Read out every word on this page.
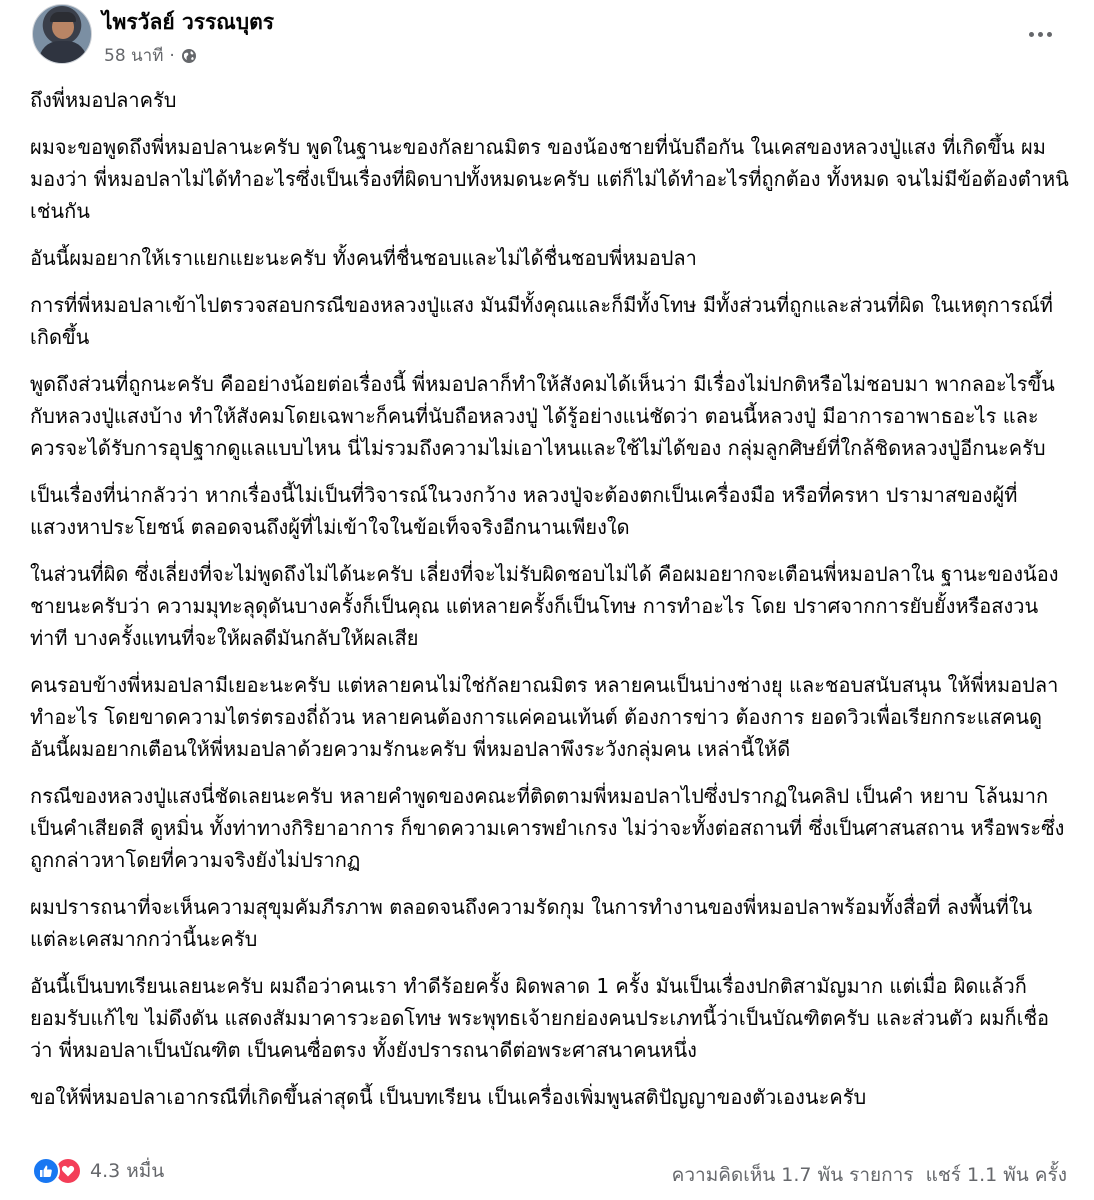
ไพรวัลย์ วรรณบุตร
58 นาที ·

ถึงพี่หมอปลาครับ

ผมจะขอพูดถึงพี่หมอปลานะครับ พูดในฐานะของกัลยาณมิตร ของน้องชายที่นับถือกัน ในเคสของหลวงปู่แสง ที่เกิดขึ้น ผมมองว่า พี่หมอปลาไม่ได้ทำอะไรซึ่งเป็นเรื่องที่ผิดบาปทั้งหมดนะครับ แต่ก็ไม่ได้ทำอะไรที่ถูกต้อง ทั้งหมด จนไม่มีข้อต้องตำหนิเช่นกัน

อันนี้ผมอยากให้เราแยกแยะนะครับ ทั้งคนที่ชื่นชอบและไม่ได้ชื่นชอบพี่หมอปลา

การที่พี่หมอปลาเข้าไปตรวจสอบกรณีของหลวงปู่แสง มันมีทั้งคุณและก็มีทั้งโทษ มีทั้งส่วนที่ถูกและส่วนที่ผิด ในเหตุการณ์ที่เกิดขึ้น

พูดถึงส่วนที่ถูกนะครับ คืออย่างน้อยต่อเรื่องนี้ พี่หมอปลาก็ทำให้สังคมได้เห็นว่า มีเรื่องไม่ปกติหรือไม่ชอบมา พากลอะไรขึ้นกับหลวงปู่แสงบ้าง ทำให้สังคมโดยเฉพาะก็คนที่นับถือหลวงปู่ ได้รู้อย่างแน่ชัดว่า ตอนนี้หลวงปู่ มีอาการอาพาธอะไร และควรจะได้รับการอุปฐากดูแลแบบไหน นี่ไม่รวมถึงความไม่เอาไหนและใช้ไม่ได้ของ กลุ่มลูกศิษย์ที่ใกล้ชิดหลวงปู่อีกนะครับ

เป็นเรื่องที่น่ากลัวว่า หากเรื่องนี้ไม่เป็นที่วิจารณ์ในวงกว้าง หลวงปู่จะต้องตกเป็นเครื่องมือ หรือที่ครหา ปรามาสของผู้ที่แสวงหาประโยชน์ ตลอดจนถึงผู้ที่ไม่เข้าใจในข้อเท็จจริงอีกนานเพียงใด

ในส่วนที่ผิด ซึ่งเลี่ยงที่จะไม่พูดถึงไม่ได้นะครับ เลี่ยงที่จะไม่รับผิดชอบไม่ได้ คือผมอยากจะเตือนพี่หมอปลาใน ฐานะของน้องชายนะครับว่า ความมุทะลุดุดันบางครั้งก็เป็นคุณ แต่หลายครั้งก็เป็นโทษ การทำอะไร โดย ปราศจากการยับยั้งหรือสงวนท่าที บางครั้งแทนที่จะให้ผลดีมันกลับให้ผลเสีย

คนรอบข้างพี่หมอปลามีเยอะนะครับ แต่หลายคนไม่ใช่กัลยาณมิตร หลายคนเป็นบ่างช่างยุ และชอบสนับสนุน ให้พี่หมอปลาทำอะไร โดยขาดความไตร่ตรองถี่ถ้วน หลายคนต้องการแค่คอนเท้นต์ ต้องการข่าว ต้องการ ยอดวิวเพื่อเรียกกระแสคนดู อันนี้ผมอยากเตือนให้พี่หมอปลาด้วยความรักนะครับ พี่หมอปลาพึงระวังกลุ่มคน เหล่านี้ให้ดี

กรณีของหลวงปู่แสงนี่ชัดเลยนะครับ หลายคำพูดของคณะที่ติดตามพี่หมอปลาไปซึ่งปรากฏในคลิป เป็นคำ หยาบ โล้นมาก เป็นคำเสียดสี ดูหมิ่น ทั้งท่าทางกิริยาอาการ ก็ขาดความเคารพยำเกรง ไม่ว่าจะทั้งต่อสถานที่ ซึ่งเป็นศาสนสถาน หรือพระซึ่งถูกกล่าวหาโดยที่ความจริงยังไม่ปรากฏ

ผมปรารถนาที่จะเห็นความสุขุมคัมภีรภาพ ตลอดจนถึงความรัดกุม ในการทำงานของพี่หมอปลาพร้อมทั้งสื่อที่ ลงพื้นที่ในแต่ละเคสมากกว่านี้นะครับ

อันนี้เป็นบทเรียนเลยนะครับ ผมถือว่าคนเรา ทำดีร้อยครั้ง ผิดพลาด 1 ครั้ง มันเป็นเรื่องปกติสามัญมาก แต่เมื่อ ผิดแล้วก็ยอมรับแก้ไข ไม่ดึงดัน แสดงสัมมาคารวะอดโทษ พระพุทธเจ้ายกย่องคนประเภทนี้ว่าเป็นบัณฑิตครับ และส่วนตัว ผมก็เชื่อว่า พี่หมอปลาเป็นบัณฑิต เป็นคนซื่อตรง ทั้งยังปรารถนาดีต่อพระศาสนาคนหนึ่ง

ขอให้พี่หมอปลาเอากรณีที่เกิดขึ้นล่าสุดนี้ เป็นบทเรียน เป็นเครื่องเพิ่มพูนสติปัญญาของตัวเองนะครับ

4.3 หมื่น	ความคิดเห็น 1.7 พัน รายการ แชร์ 1.1 พัน ครั้ง
